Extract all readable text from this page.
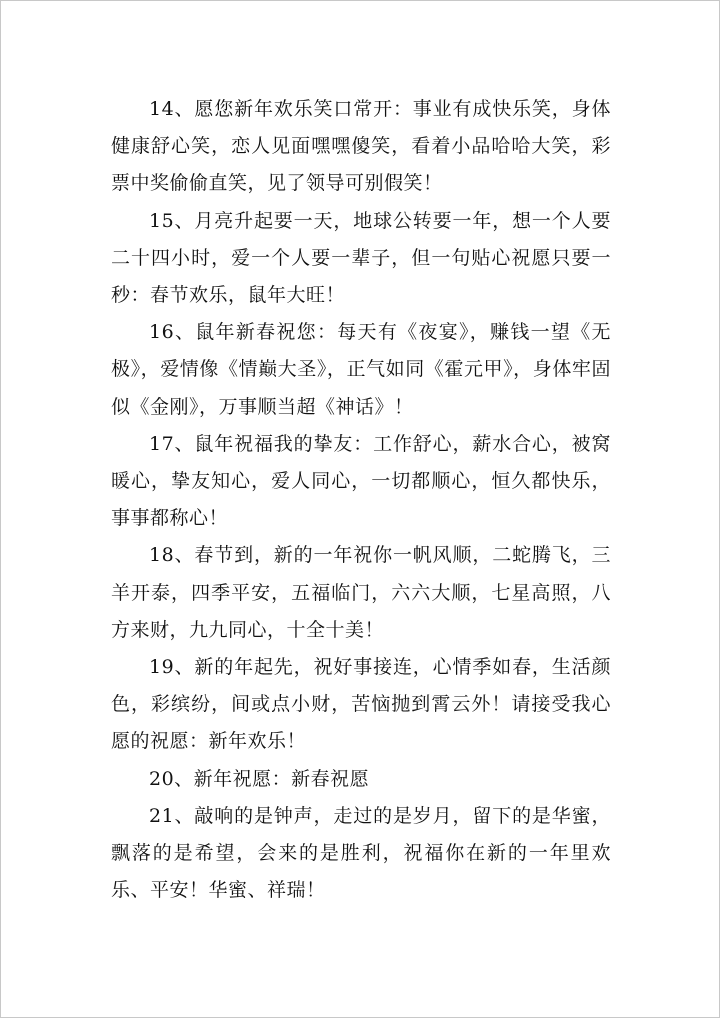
14、愿您新年欢乐笑口常开：事业有成快乐笑，身体健康舒心笑，恋人见面嘿嘿傻笑，看着小品哈哈大笑，彩票中奖偷偷直笑，见了领导可别假笑！

15、月亮升起要一天，地球公转要一年，想一个人要二十四小时，爱一个人要一辈子，但一句贴心祝愿只要一秒：春节欢乐，鼠年大旺！

16、鼠年新春祝您：每天有《夜宴》，赚钱一望《无极》，爱情像《情巅大圣》，正气如同《霍元甲》，身体牢固似《金刚》，万事顺当超《神话》！

17、鼠年祝福我的挚友：工作舒心，薪水合心，被窝暖心，挚友知心，爱人同心，一切都顺心，恒久都快乐，事事都称心！

18、春节到，新的一年祝你一帆风顺，二蛇腾飞，三羊开泰，四季平安，五福临门，六六大顺，七星高照，八方来财，九九同心，十全十美！

19、新的年起先，祝好事接连，心情季如春，生活颜色，彩缤纷，间或点小财，苦恼抛到霄云外！请接受我心愿的祝愿：新年欢乐！

20、新年祝愿：新春祝愿

21、敲响的是钟声，走过的是岁月，留下的是华蜜，飘落的是希望，会来的是胜利，祝福你在新的一年里欢乐、平安！华蜜、祥瑞！
